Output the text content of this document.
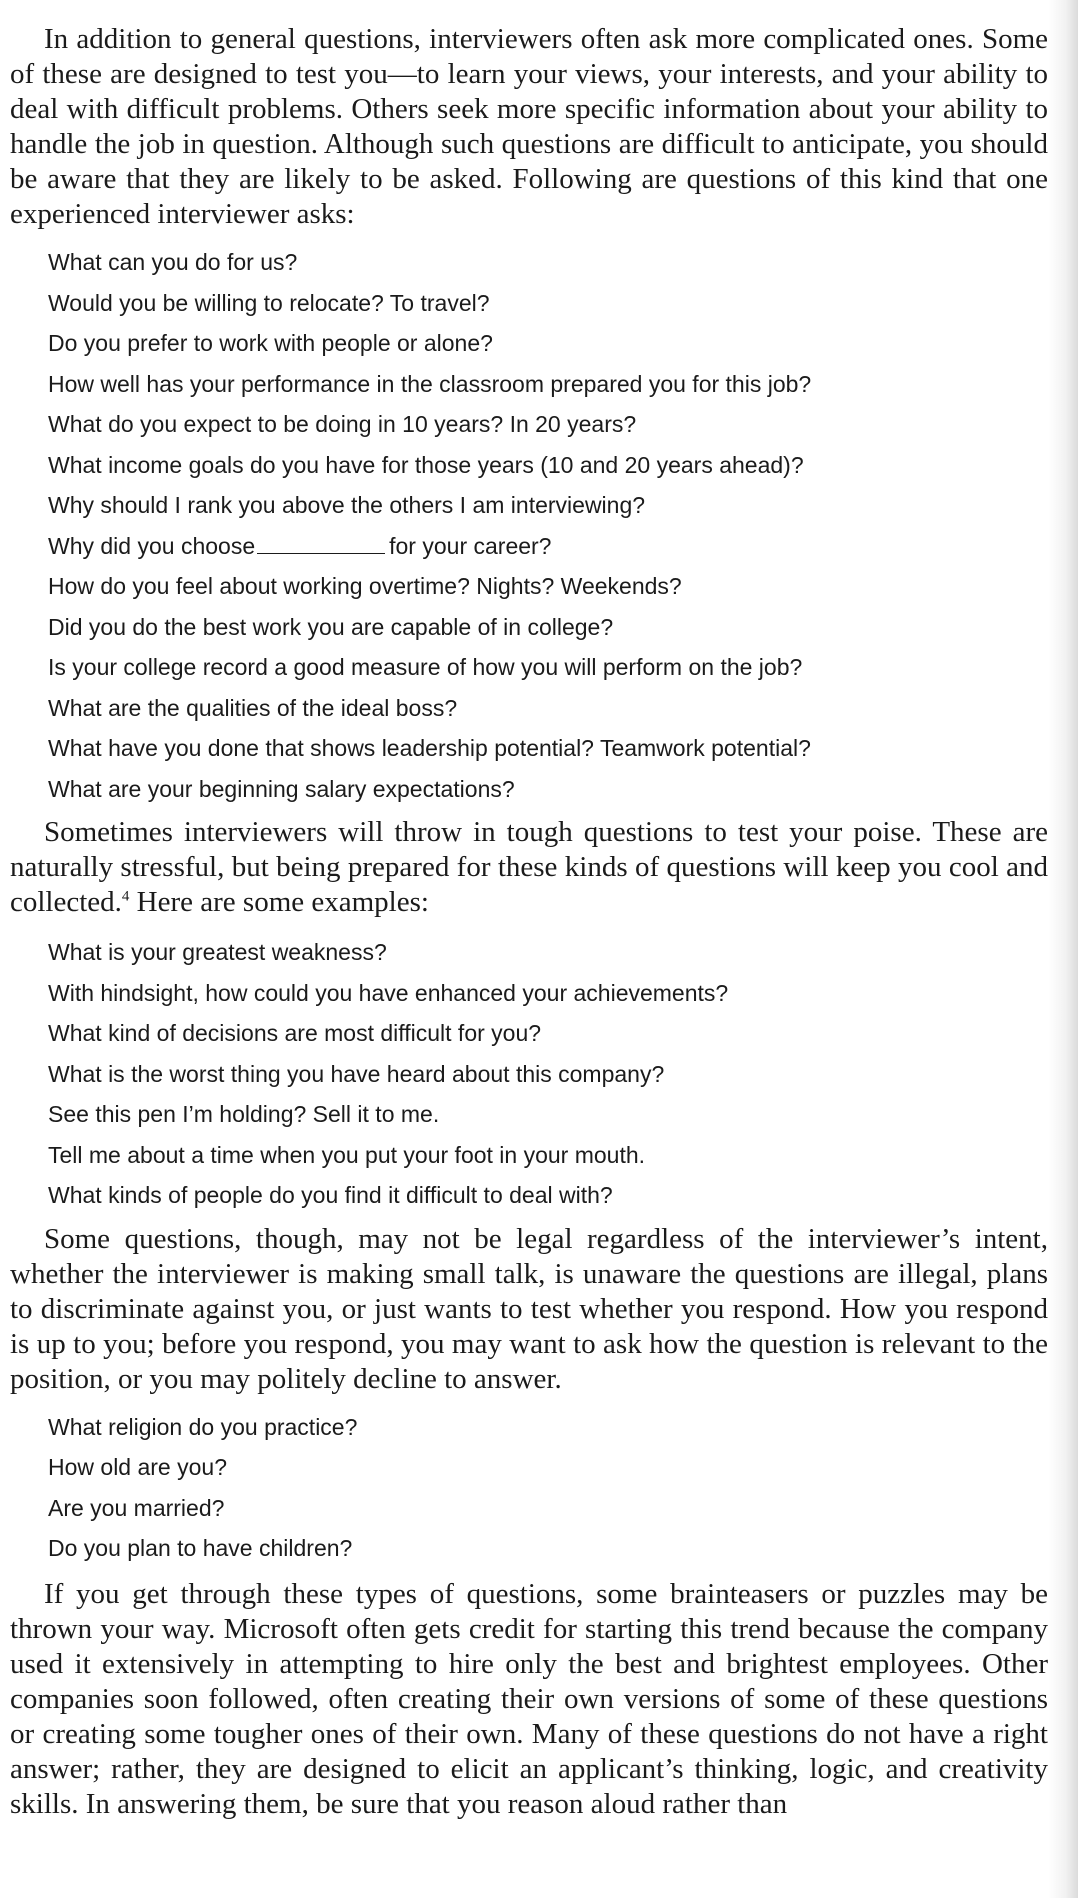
In addition to general questions, interviewers often ask more complicated ones. Some of these are designed to test you—to learn your views, your interests, and your ability to deal with difficult problems. Others seek more specific information about your ability to handle the job in question. Although such questions are difficult to anticipate, you should be aware that they are likely to be asked. Following are questions of this kind that one experienced interviewer asks:

What can you do for us?
Would you be willing to relocate? To travel?
Do you prefer to work with people or alone?
How well has your performance in the classroom prepared you for this job?
What do you expect to be doing in 10 years? In 20 years?
What income goals do you have for those years (10 and 20 years ahead)?
Why should I rank you above the others I am interviewing?
Why did you choose	for your career?
How do you feel about working overtime? Nights? Weekends?
Did you do the best work you are capable of in college?
Is your college record a good measure of how you will perform on the job?
What are the qualities of the ideal boss?
What have you done that shows leadership potential? Teamwork potential?
What are your beginning salary expectations?

Sometimes interviewers will throw in tough questions to test your poise. These are naturally stressful, but being prepared for these kinds of questions will keep you cool and collected.$^4$ Here are some examples:

What is your greatest weakness?
With hindsight, how could you have enhanced your achievements?
What kind of decisions are most difficult for you?
What is the worst thing you have heard about this company?
See this pen I’m holding? Sell it to me.
Tell me about a time when you put your foot in your mouth.
What kinds of people do you find it difficult to deal with?

Some questions, though, may not be legal regardless of the interviewer’s intent, whether the interviewer is making small talk, is unaware the questions are illegal, plans to discriminate against you, or just wants to test whether you respond. How you respond is up to you; before you respond, you may want to ask how the question is relevant to the position, or you may politely decline to answer.

What religion do you practice?
How old are you?
Are you married?
Do you plan to have children?

If you get through these types of questions, some brainteasers or puzzles may be thrown your way. Microsoft often gets credit for starting this trend because the company used it extensively in attempting to hire only the best and brightest employees. Other companies soon followed, often creating their own versions of some of these questions or creating some tougher ones of their own. Many of these questions do not have a right answer; rather, they are designed to elicit an applicant’s thinking, logic, and creativity skills. In answering them, be sure that you reason aloud rather than
